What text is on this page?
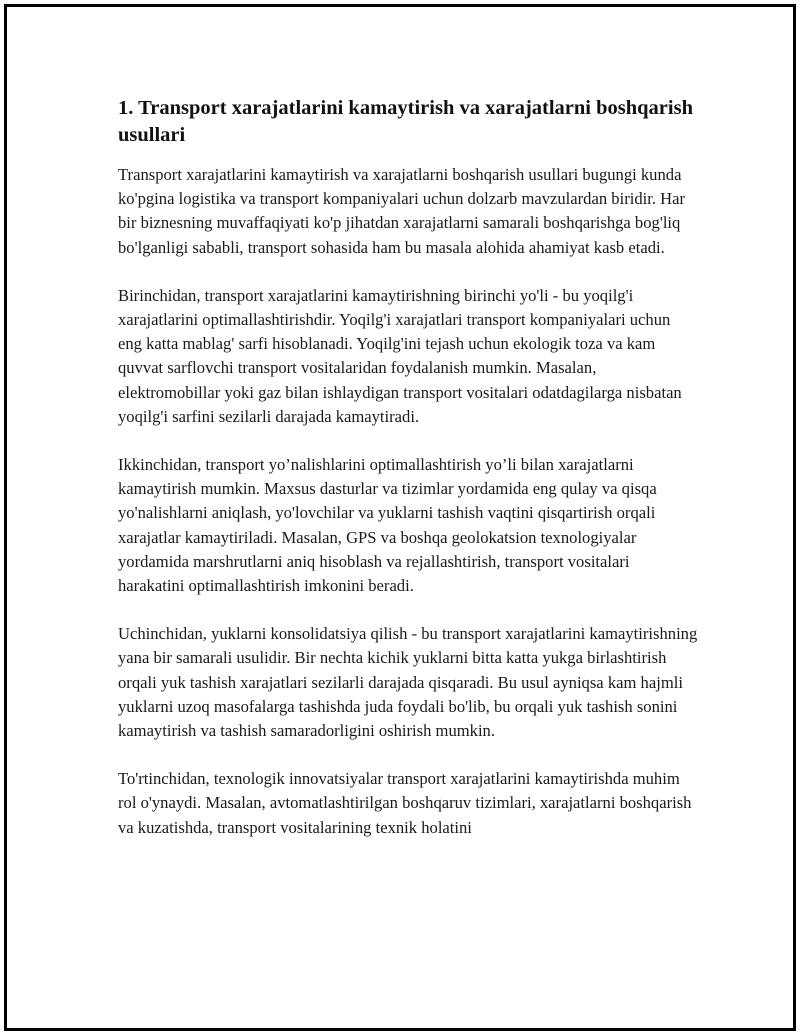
1. Transport xarajatlarini kamaytirish va xarajatlarni boshqarish usullari

Transport xarajatlarini kamaytirish va xarajatlarni boshqarish usullari bugungi kunda ko'pgina logistika va transport kompaniyalari uchun dolzarb mavzulardan biridir. Har bir biznesning muvaffaqiyati ko'p jihatdan xarajatlarni samarali boshqarishga bog'liq bo'lganligi sababli, transport sohasida ham bu masala alohida ahamiyat kasb etadi.

Birinchidan, transport xarajatlarini kamaytirishning birinchi yo'li - bu yoqilg'i xarajatlarini optimallashtirishdir. Yoqilg'i xarajatlari transport kompaniyalari uchun eng katta mablag' sarfi hisoblanadi. Yoqilg'ini tejash uchun ekologik toza va kam quvvat sarflovchi transport vositalaridan foydalanish mumkin. Masalan, elektromobillar yoki gaz bilan ishlaydigan transport vositalari odatdagilarga nisbatan yoqilg'i sarfini sezilarli darajada kamaytiradi.

Ikkinchidan, transport yo’nalishlarini optimallashtirish yo’li bilan xarajatlarni kamaytirish mumkin. Maxsus dasturlar va tizimlar yordamida eng qulay va qisqa yo'nalishlarni aniqlash, yo'lovchilar va yuklarni tashish vaqtini qisqartirish orqali xarajatlar kamaytiriladi. Masalan, GPS va boshqa geolokatsion texnologiyalar yordamida marshrutlarni aniq hisoblash va rejallashtirish, transport vositalari harakatini optimallashtirish imkonini beradi.

Uchinchidan, yuklarni konsolidatsiya qilish - bu transport xarajatlarini kamaytirishning yana bir samarali usulidir. Bir nechta kichik yuklarni bitta katta yukga birlashtirish orqali yuk tashish xarajatlari sezilarli darajada qisqaradi. Bu usul ayniqsa kam hajmli yuklarni uzoq masofalarga tashishda juda foydali bo'lib, bu orqali yuk tashish sonini kamaytirish va tashish samaradorligini oshirish mumkin.

To'rtinchidan, texnologik innovatsiyalar transport xarajatlarini kamaytirishda muhim rol o'ynaydi. Masalan, avtomatlashtirilgan boshqaruv tizimlari, xarajatlarni boshqarish va kuzatishda, transport vositalarining texnik holatini
